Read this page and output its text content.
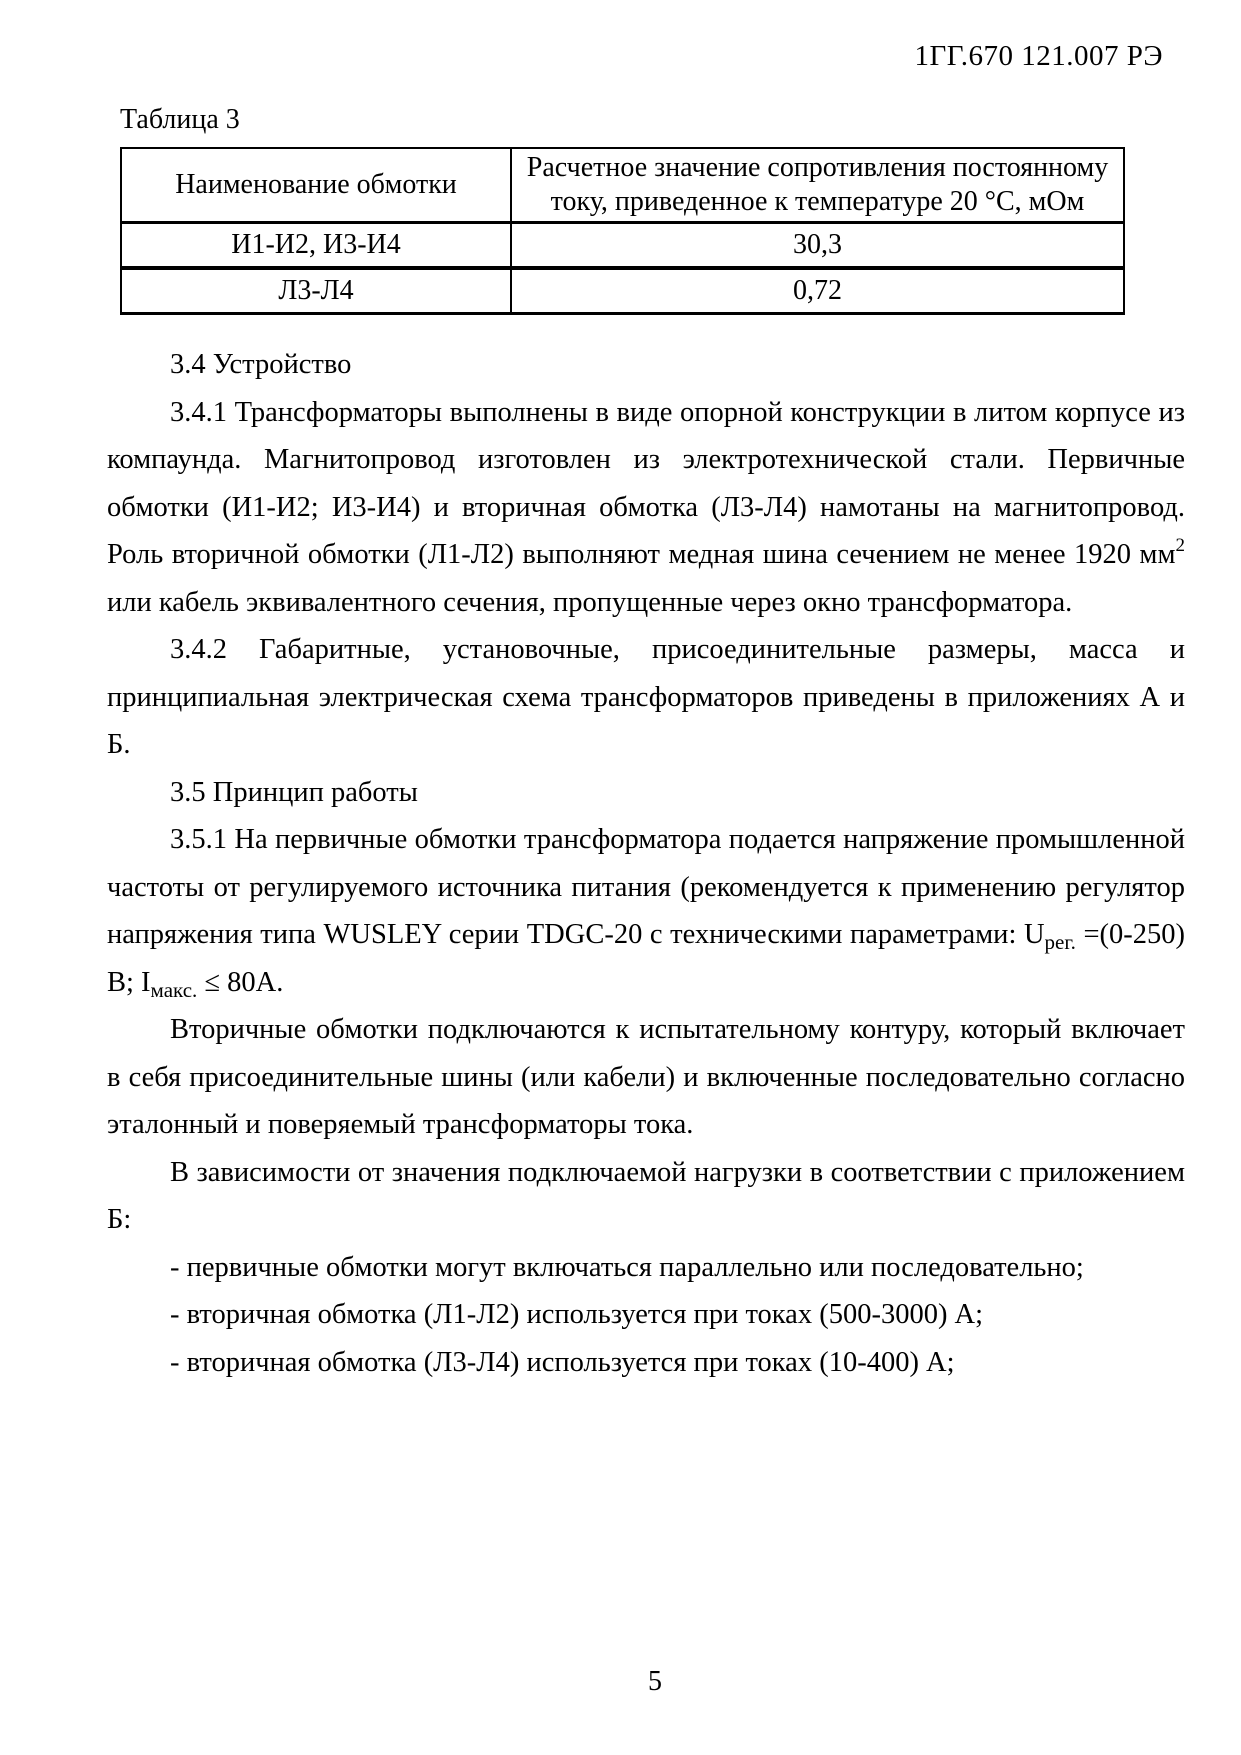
1ГГ.670 121.007 РЭ
Таблица 3
Наименование обмотки	Расчетное значение сопротивления постоянному току, приведенное к температуре 20 °С, мОм
И1-И2, И3-И4	30,3
Л3-Л4	0,72

3.4 Устройство

3.4.1 Трансформаторы выполнены в виде опорной конструкции в литом корпусе из компаунда. Магнитопровод изготовлен из электротехнической стали. Первичные обмотки (И1-И2; И3-И4) и вторичная обмотка (Л3-Л4) намотаны на магнитопровод. Роль вторичной обмотки (Л1-Л2) выполняют медная шина сечением не менее 1920 $мм^2$ или кабель эквивалентного сечения, пропущенные через окно трансформатора.

3.4.2 Габаритные, установочные, присоединительные размеры, масса и принципиальная электрическая схема трансформаторов приведены в приложениях А и Б.

3.5 Принцип работы

3.5.1 На первичные обмотки трансформатора подается напряжение промышленной частоты от регулируемого источника питания (рекомендуется к применению регулятор напряжения типа WUSLEY серии TDGC-20 с техническими параметрами: $U_{рег.} =(0-250)$ В; $I_{макс.} \le 80А$.

Вторичные обмотки подключаются к испытательному контуру, который включает в себя присоединительные шины (или кабели) и включенные последовательно согласно эталонный и поверяемый трансформаторы тока.

В зависимости от значения подключаемой нагрузки в соответствии с приложением Б:

- первичные обмотки могут включаться параллельно или последовательно;

- вторичная обмотка (Л1-Л2) используется при токах (500-3000) А;

- вторичная обмотка (Л3-Л4) используется при токах (10-400) А;

5
